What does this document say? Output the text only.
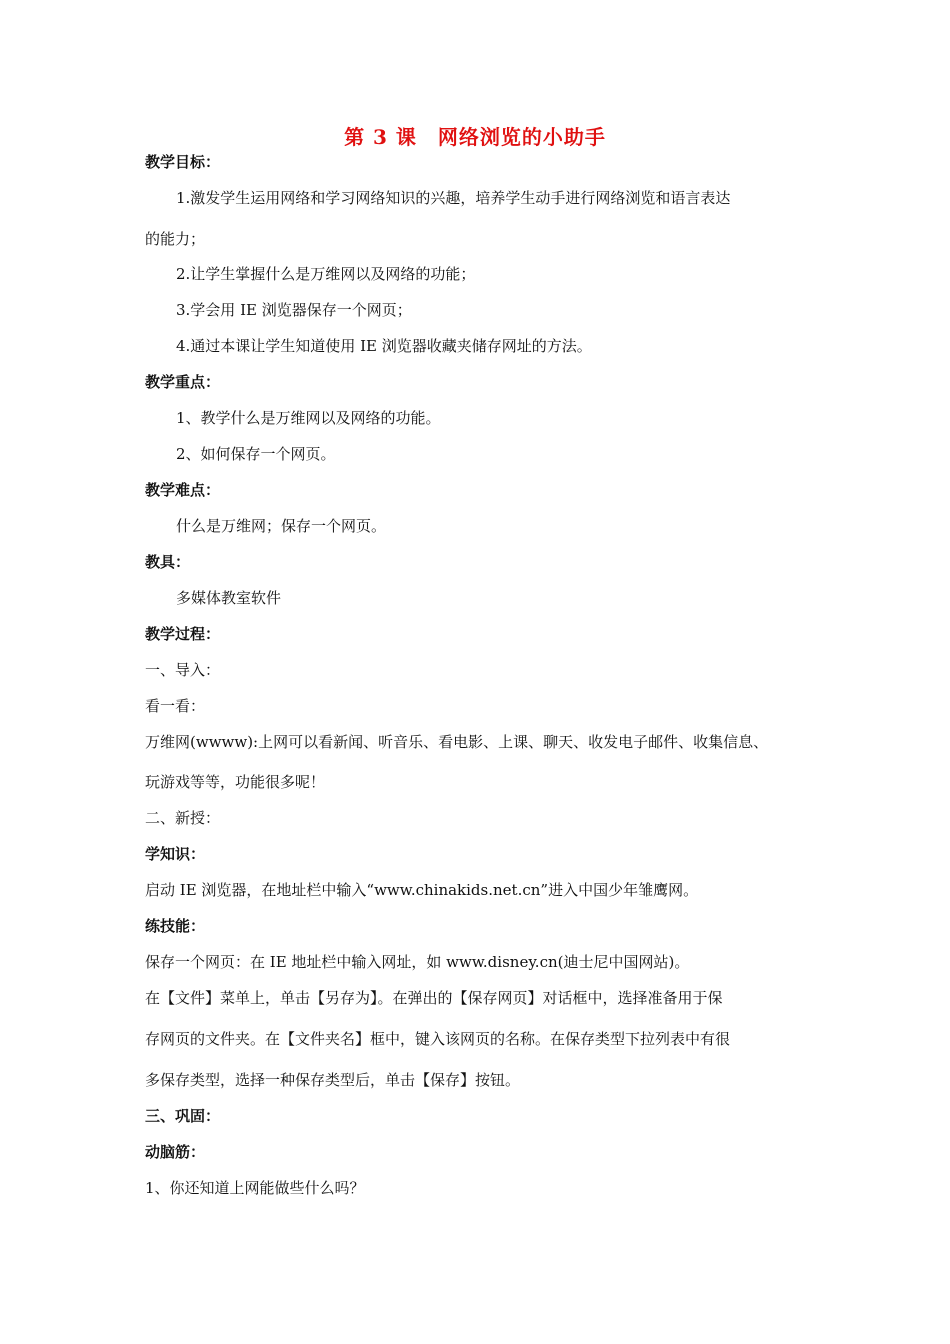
第 3 课　网络浏览的小助手
教学目标：
1.激发学生运用网络和学习网络知识的兴趣，培养学生动手进行网络浏览和语言表达
的能力；
2.让学生掌握什么是万维网以及网络的功能；
3.学会用 IE 浏览器保存一个网页；
4.通过本课让学生知道使用 IE 浏览器收藏夹储存网址的方法。
教学重点：
1、教学什么是万维网以及网络的功能。
2、如何保存一个网页。
教学难点：
什么是万维网；保存一个网页。
教具：
多媒体教室软件
教学过程：
一、导入：
看一看：
万维网(wwww):上网可以看新闻、听音乐、看电影、上课、聊天、收发电子邮件、收集信息、
玩游戏等等，功能很多呢！
二、新授：
学知识：
启动 IE 浏览器，在地址栏中输入“www.chinakids.net.cn”进入中国少年雏鹰网。
练技能：
保存一个网页：在 IE 地址栏中输入网址，如 www.disney.cn(迪士尼中国网站)。
在【文件】菜单上，单击【另存为】。在弹出的【保存网页】对话框中，选择准备用于保
存网页的文件夹。在【文件夹名】框中，键入该网页的名称。在保存类型下拉列表中有很
多保存类型，选择一种保存类型后，单击【保存】按钮。
三、巩固：
动脑筋：
1、你还知道上网能做些什么吗？
